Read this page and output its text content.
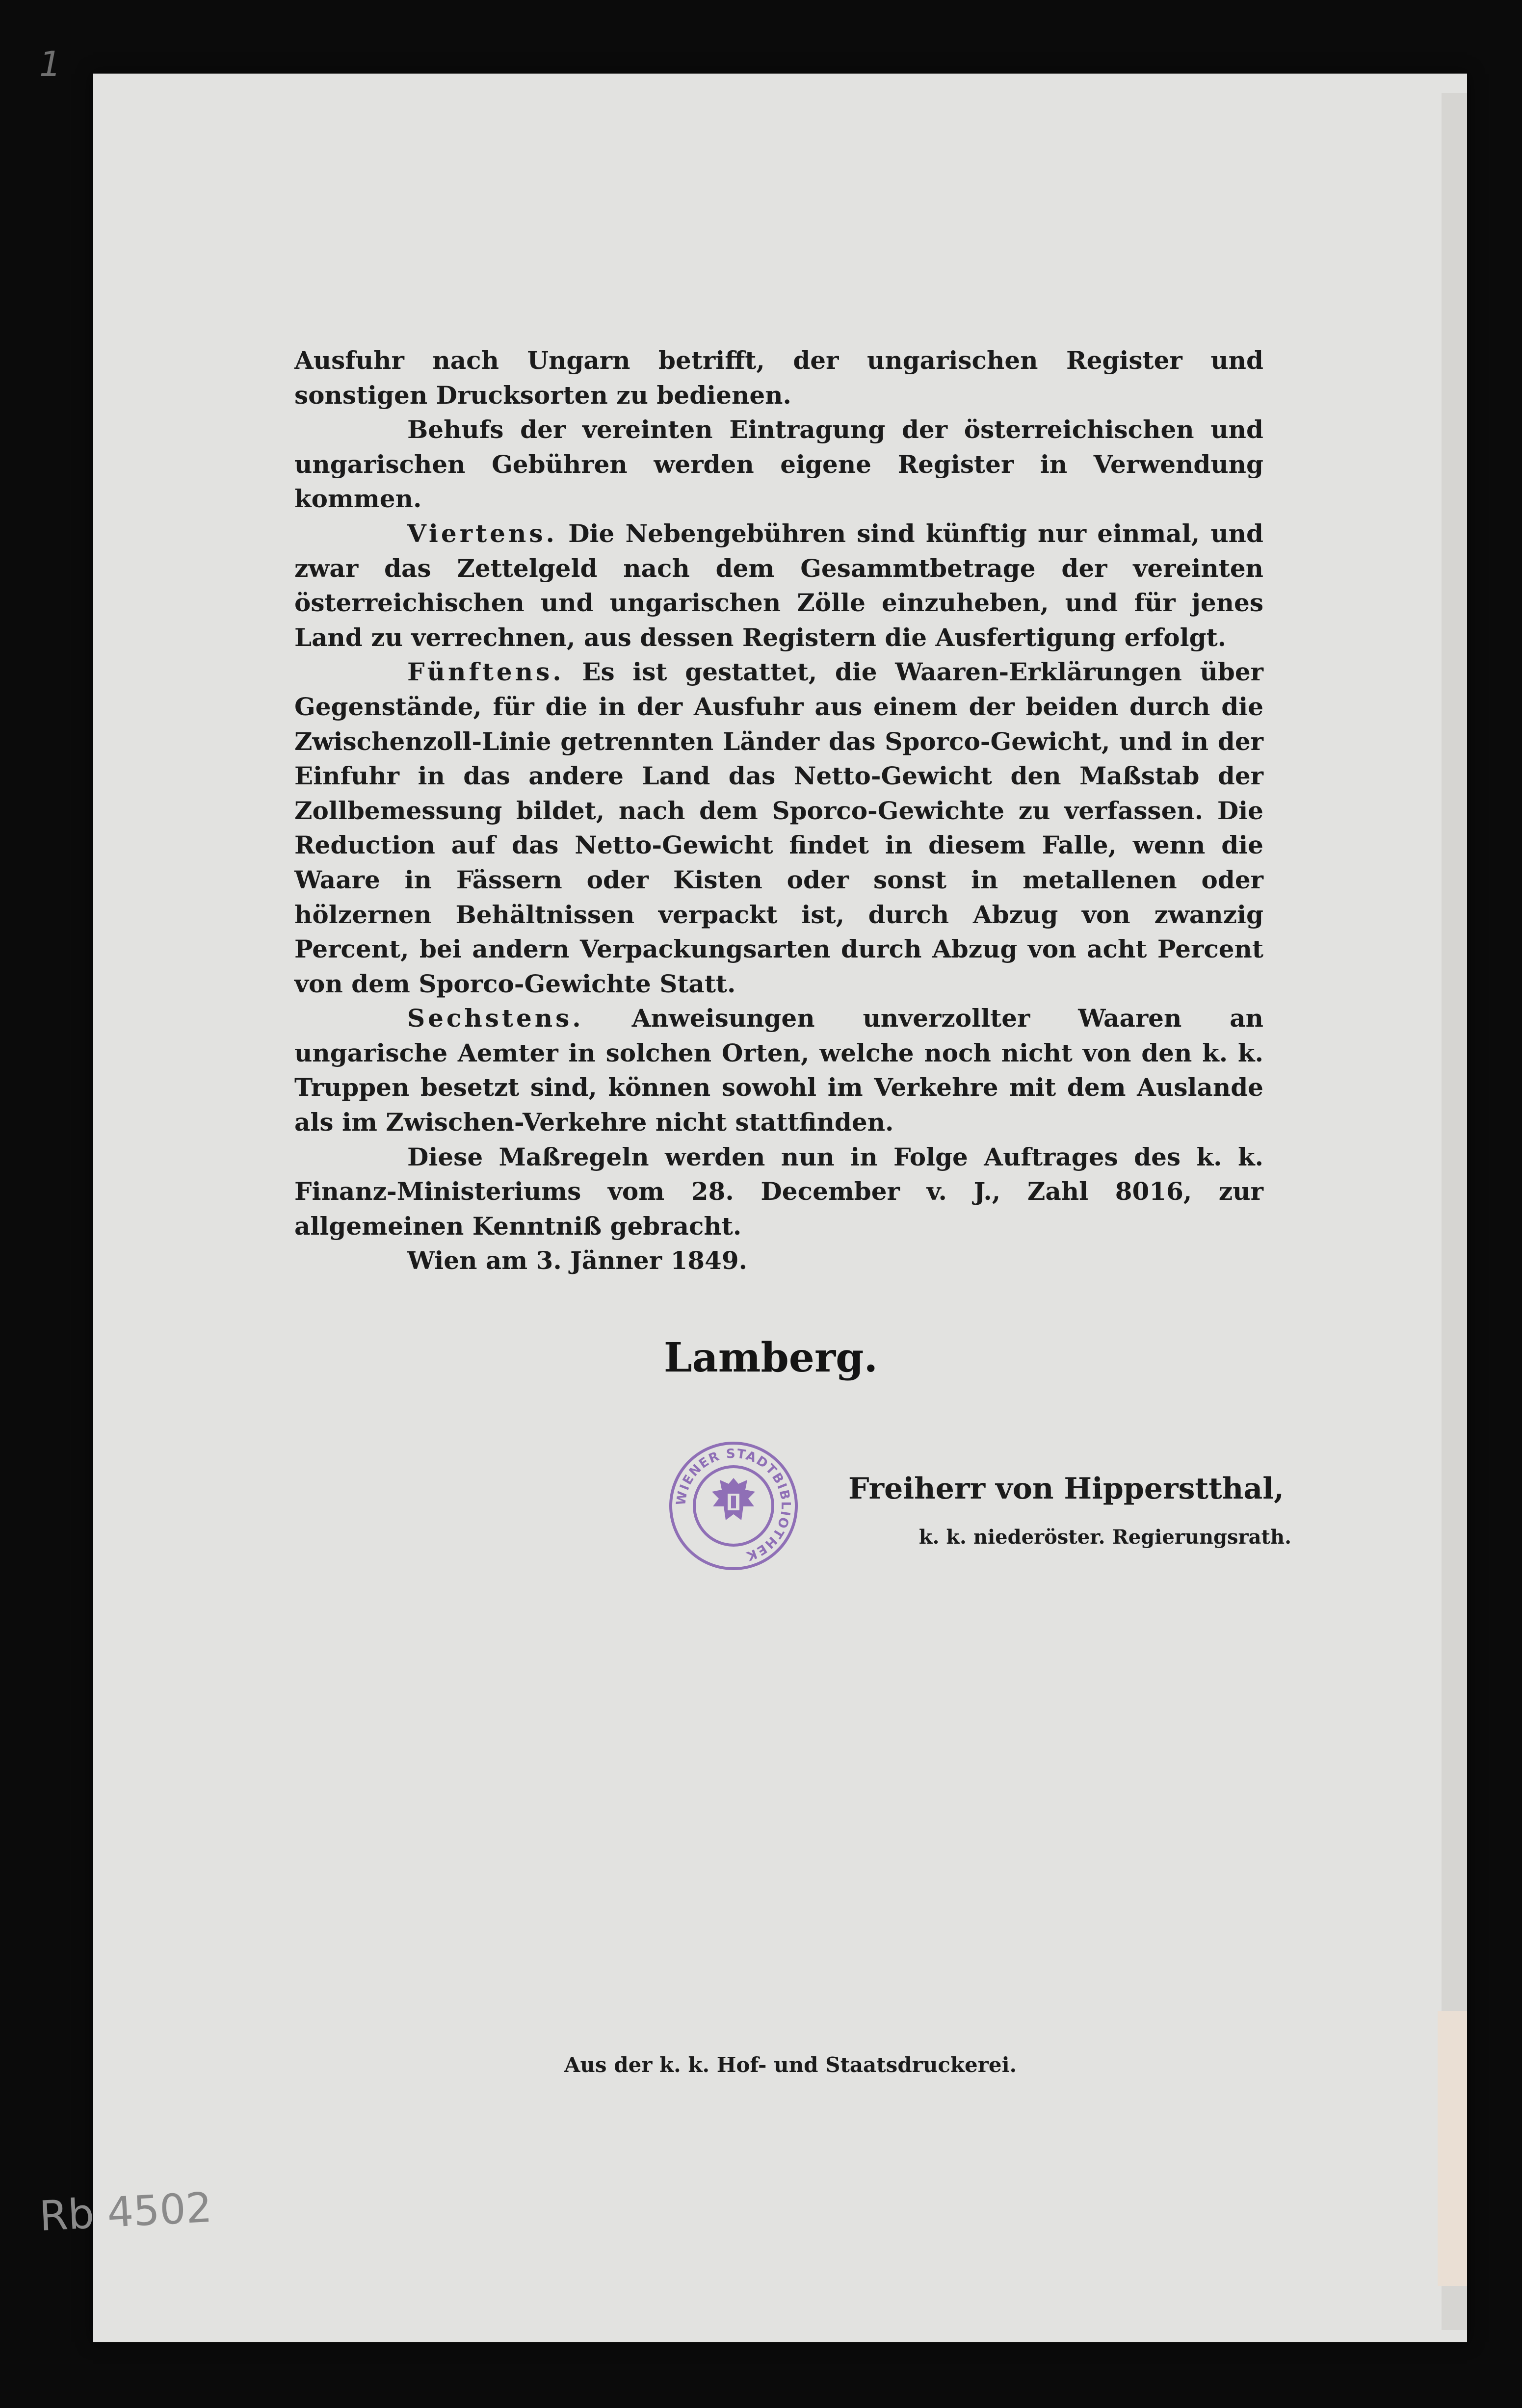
1

Ausfuhr nach Ungarn betrifft, der ungarischen Register und sonstigen Drucksorten zu bedienen.

Behufs der vereinten Eintragung der österreichischen und ungarischen Gebühren werden eigene Register in Verwendung kommen.

Viertens. Die Nebengebühren sind künftig nur einmal, und zwar das Zettelgeld nach dem Gesammtbetrage der vereinten österreichischen und ungarischen Zölle einzuheben, und für jenes Land zu verrechnen, aus dessen Registern die Ausfertigung erfolgt.

Fünftens. Es ist gestattet, die Waaren-Erklärungen über Gegenstände, für die in der Ausfuhr aus einem der beiden durch die Zwischenzoll-Linie getrennten Länder das Sporco-Gewicht, und in der Einfuhr in das andere Land das Netto-Gewicht den Maßstab der Zollbemessung bildet, nach dem Sporco-Gewichte zu verfassen. Die Reduction auf das Netto-Gewicht findet in diesem Falle, wenn die Waare in Fässern oder Kisten oder sonst in metallenen oder hölzernen Behältnissen verpackt ist, durch Abzug von zwanzig Percent, bei andern Verpackungsarten durch Abzug von acht Percent von dem Sporco-Gewichte Statt.

Sechstens. Anweisungen unverzollter Waaren an ungarische Aemter in solchen Orten, welche noch nicht von den k. k. Truppen besetzt sind, können sowohl im Verkehre mit dem Auslande als im Zwischen-Verkehre nicht stattfinden.

Diese Maßregeln werden nun in Folge Auftrages des k. k. Finanz-Ministeriums vom 28. December v. J., Zahl 8016, zur allgemeinen Kenntniß gebracht.

Wien am 3. Jänner 1849.

Lamberg.
WIENER STADTBIBLIOTHEK
Freiherr von Hipperstthal,
k. k. niederöster. Regierungsrath.
Aus der k. k. Hof- und Staatsdruckerei.
Rb 4502
